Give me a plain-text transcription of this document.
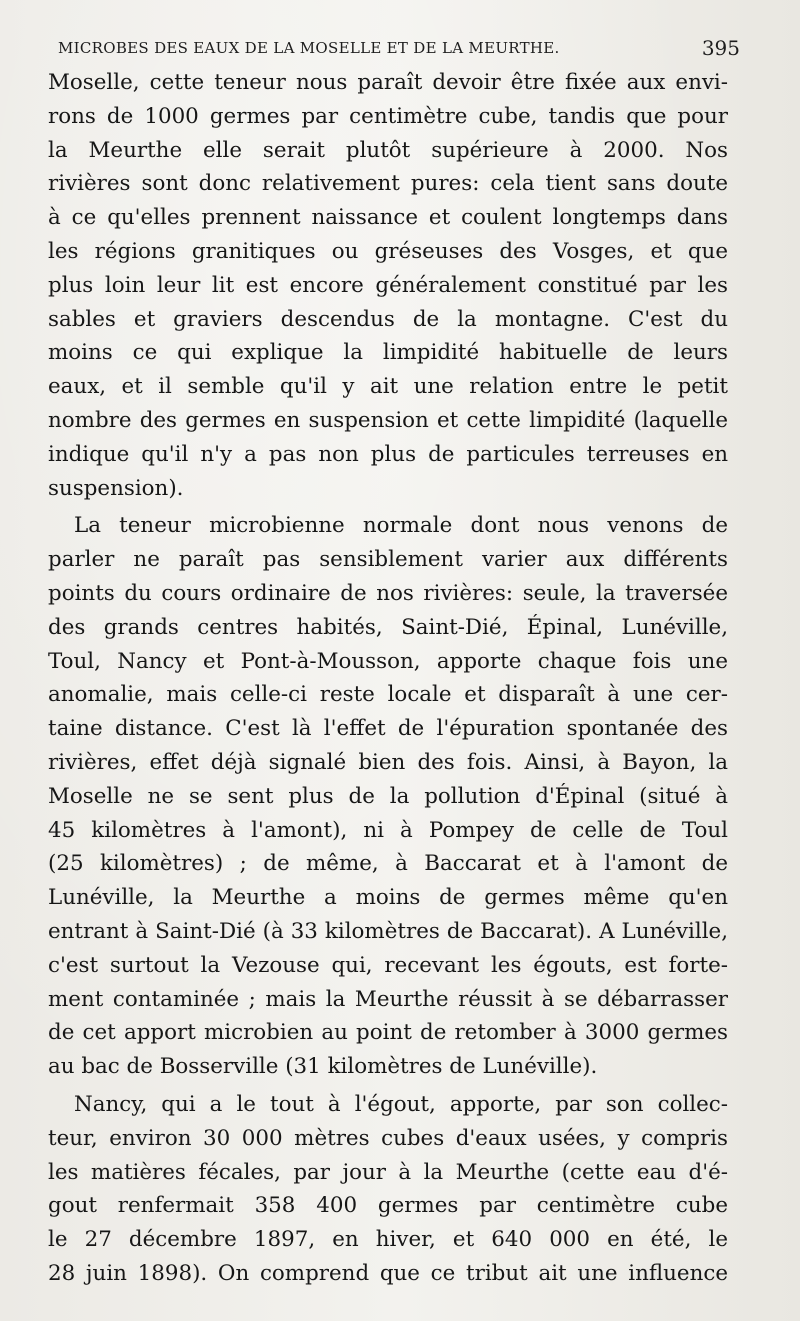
MICROBES DES EAUX DE LA MOSELLE ET DE LA MEURTHE.	395
Moselle, cette teneur nous paraît devoir être fixée aux envi-
rons de 1000 germes par centimètre cube, tandis que pour
la Meurthe elle serait plutôt supérieure à 2000. Nos
rivières sont donc relativement pures: cela tient sans doute
à ce qu'elles prennent naissance et coulent longtemps dans
les régions granitiques ou gréseuses des Vosges, et que
plus loin leur lit est encore généralement constitué par les
sables et graviers descendus de la montagne. C'est du
moins ce qui explique la limpidité habituelle de leurs
eaux, et il semble qu'il y ait une relation entre le petit
nombre des germes en suspension et cette limpidité (laquelle
indique qu'il n'y a pas non plus de particules terreuses en
suspension).
La teneur microbienne normale dont nous venons de
parler ne paraît pas sensiblement varier aux différents
points du cours ordinaire de nos rivières: seule, la traversée
des grands centres habités, Saint-Dié, Épinal, Lunéville,
Toul, Nancy et Pont-à-Mousson, apporte chaque fois une
anomalie, mais celle-ci reste locale et disparaît à une cer-
taine distance. C'est là l'effet de l'épuration spontanée des
rivières, effet déjà signalé bien des fois. Ainsi, à Bayon, la
Moselle ne se sent plus de la pollution d'Épinal (situé à
45 kilomètres à l'amont), ni à Pompey de celle de Toul
(25 kilomètres) ; de même, à Baccarat et à l'amont de
Lunéville, la Meurthe a moins de germes même qu'en
entrant à Saint-Dié (à 33 kilomètres de Baccarat). A Lunéville,
c'est surtout la Vezouse qui, recevant les égouts, est forte-
ment contaminée ; mais la Meurthe réussit à se débarrasser
de cet apport microbien au point de retomber à 3000 germes
au bac de Bosserville (31 kilomètres de Lunéville).
Nancy, qui a le tout à l'égout, apporte, par son collec-
teur, environ 30 000 mètres cubes d'eaux usées, y compris
les matières fécales, par jour à la Meurthe (cette eau d'é-
gout renfermait 358 400 germes par centimètre cube
le 27 décembre 1897, en hiver, et 640 000 en été, le
28 juin 1898). On comprend que ce tribut ait une influence
